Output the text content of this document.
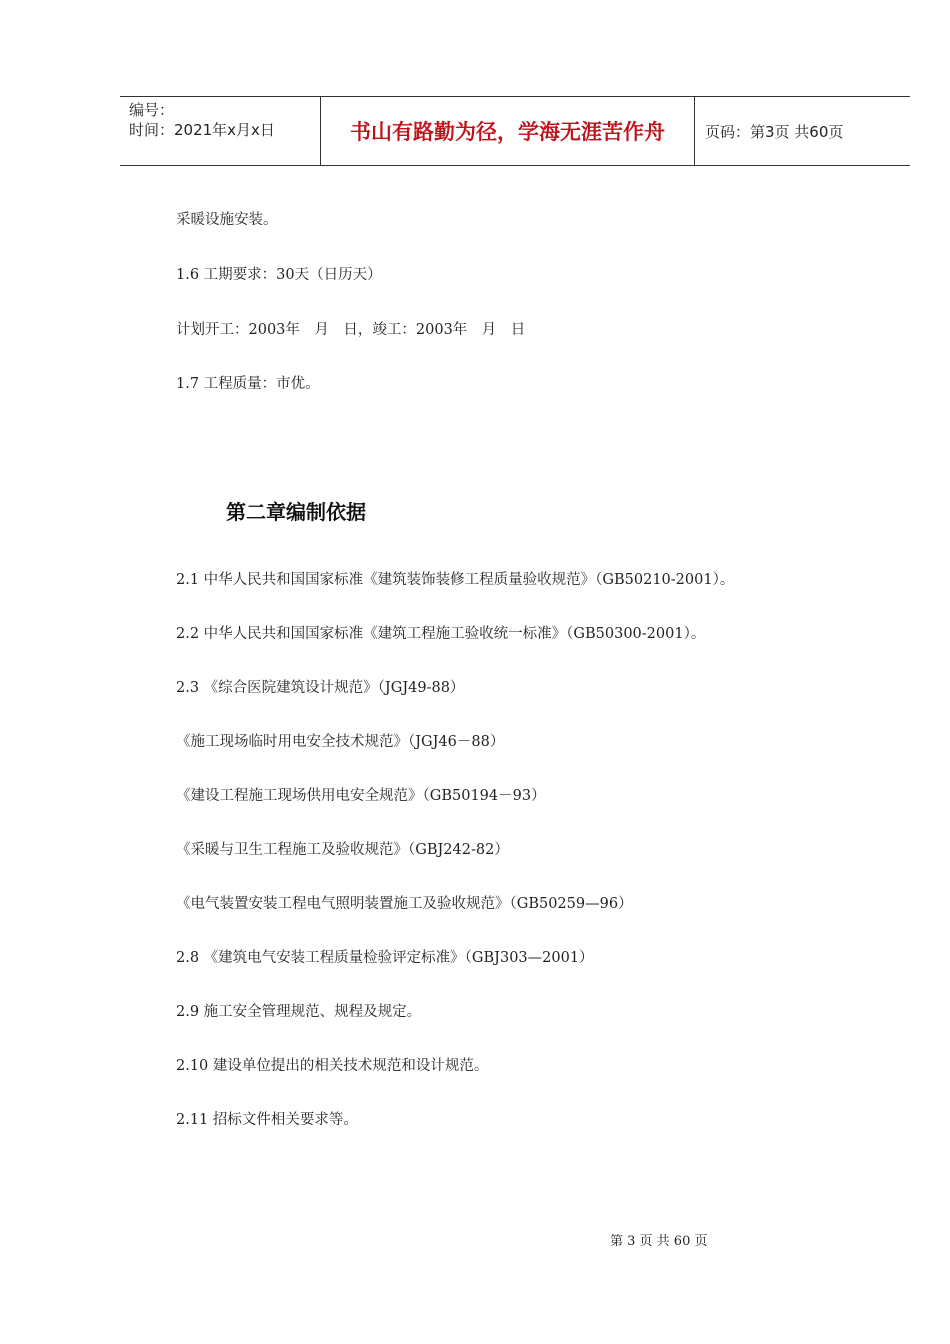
编号：
时间：2021年x月x日	书山有路勤为径，学海无涯苦作舟	页码：第3页 共60页
采暖设施安装。
1.6 工期要求：30天（日历天）
计划开工：2003年　月　日，竣工：2003年　月　日
1.7 工程质量：市优。
第二章编制依据
2.1 中华人民共和国国家标准《建筑装饰装修工程质量验收规范》（GB50210-2001）。
2.2 中华人民共和国国家标准《建筑工程施工验收统一标准》（GB50300-2001）。
2.3 《综合医院建筑设计规范》（JGJ49-88）
《施工现场临时用电安全技术规范》（JGJ46－88）
《建设工程施工现场供用电安全规范》（GB50194－93）
《采暖与卫生工程施工及验收规范》（GBJ242-82）
《电气装置安装工程电气照明装置施工及验收规范》（GB50259—96）
2.8 《建筑电气安装工程质量检验评定标准》（GBJ303—2001）
2.9 施工安全管理规范、规程及规定。
2.10 建设单位提出的相关技术规范和设计规范。
2.11 招标文件相关要求等。
第 3 页 共 60 页
